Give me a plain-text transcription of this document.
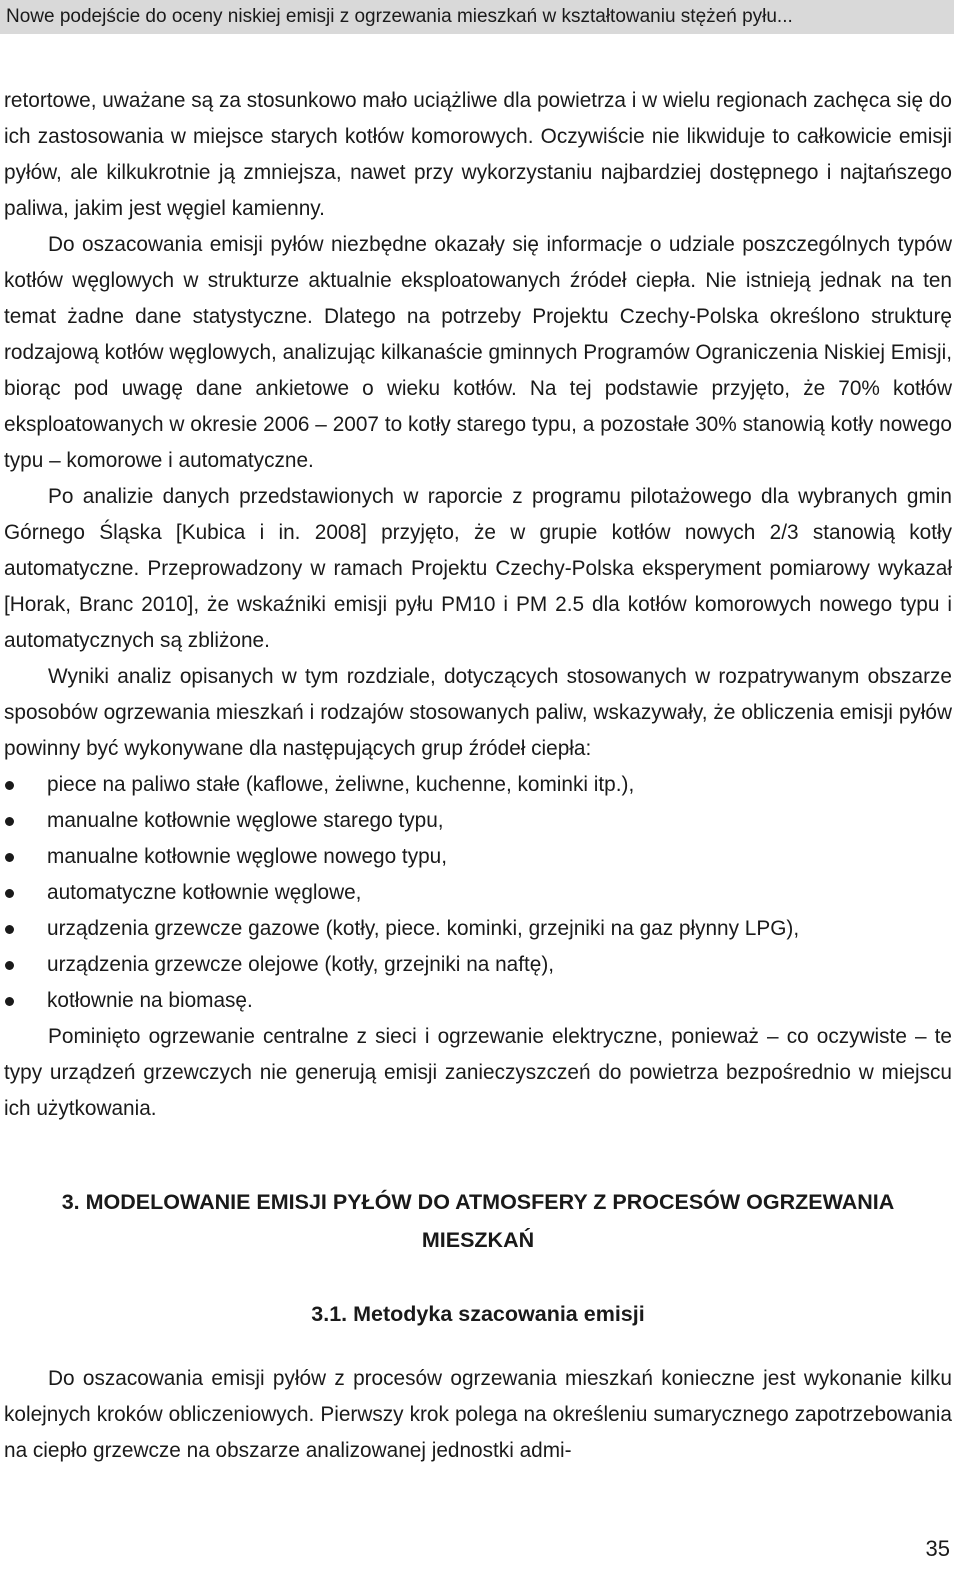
Nowe podejście do oceny niskiej emisji z ogrzewania mieszkań w kształtowaniu stężeń pyłu...

retortowe, uważane są za stosunkowo mało uciążliwe dla powietrza i w wielu regionach zachęca się do ich zastosowania w miejsce starych kotłów komorowych. Oczywiście nie likwiduje to całkowicie emisji pyłów, ale kilkukrotnie ją zmniejsza, nawet przy wykorzystaniu najbardziej dostępnego i najtańszego paliwa, jakim jest węgiel kamienny.

Do oszacowania emisji pyłów niezbędne okazały się informacje o udziale poszczególnych typów kotłów węglowych w strukturze aktualnie eksploatowanych źródeł ciepła. Nie istnieją jednak na ten temat żadne dane statystyczne. Dlatego na potrzeby Projektu Czechy-Polska określono strukturę rodzajową kotłów węglowych, analizując kilkanaście gminnych Programów Ograniczenia Niskiej Emisji, biorąc pod uwagę dane ankietowe o wieku kotłów. Na tej podstawie przyjęto, że 70% kotłów eksploatowanych w okresie 2006 – 2007 to kotły starego typu, a pozostałe 30% stanowią kotły nowego typu – komorowe i automatyczne.

Po analizie danych przedstawionych w raporcie z programu pilotażowego dla wybranych gmin Górnego Śląska [Kubica i in. 2008] przyjęto, że w grupie kotłów nowych 2/3 stanowią kotły automatyczne. Przeprowadzony w ramach Projektu Czechy-Polska eksperyment pomiarowy wykazał [Horak, Branc 2010], że wskaźniki emisji pyłu PM10 i PM 2.5 dla kotłów komorowych nowego typu i automatycznych są zbliżone.

Wyniki analiz opisanych w tym rozdziale, dotyczących stosowanych w rozpatrywanym obszarze sposobów ogrzewania mieszkań i rodzajów stosowanych paliw, wskazywały, że obliczenia emisji pyłów powinny być wykonywane dla następujących grup źródeł ciepła:

piece na paliwo stałe (kaflowe, żeliwne, kuchenne, kominki itp.),
manualne kotłownie węglowe starego typu,
manualne kotłownie węglowe nowego typu,
automatyczne kotłownie węglowe,
urządzenia grzewcze gazowe (kotły, piece. kominki, grzejniki na gaz płynny LPG),
urządzenia grzewcze olejowe (kotły, grzejniki na naftę),
kotłownie na biomasę.

Pominięto ogrzewanie centralne z sieci i ogrzewanie elektryczne, ponieważ – co oczywiste – te typy urządzeń grzewczych nie generują emisji zanieczyszczeń do powietrza bezpośrednio w miejscu ich użytkowania.

3. MODELOWANIE EMISJI PYŁÓW DO ATMOSFERY Z PROCESÓW OGRZEWANIA MIESZKAŃ
3.1. Metodyka szacowania emisji

Do oszacowania emisji pyłów z procesów ogrzewania mieszkań konieczne jest wykonanie kilku kolejnych kroków obliczeniowych. Pierwszy krok polega na określeniu sumarycznego zapotrzebowania na ciepło grzewcze na obszarze analizowanej jednostki admi-

35
